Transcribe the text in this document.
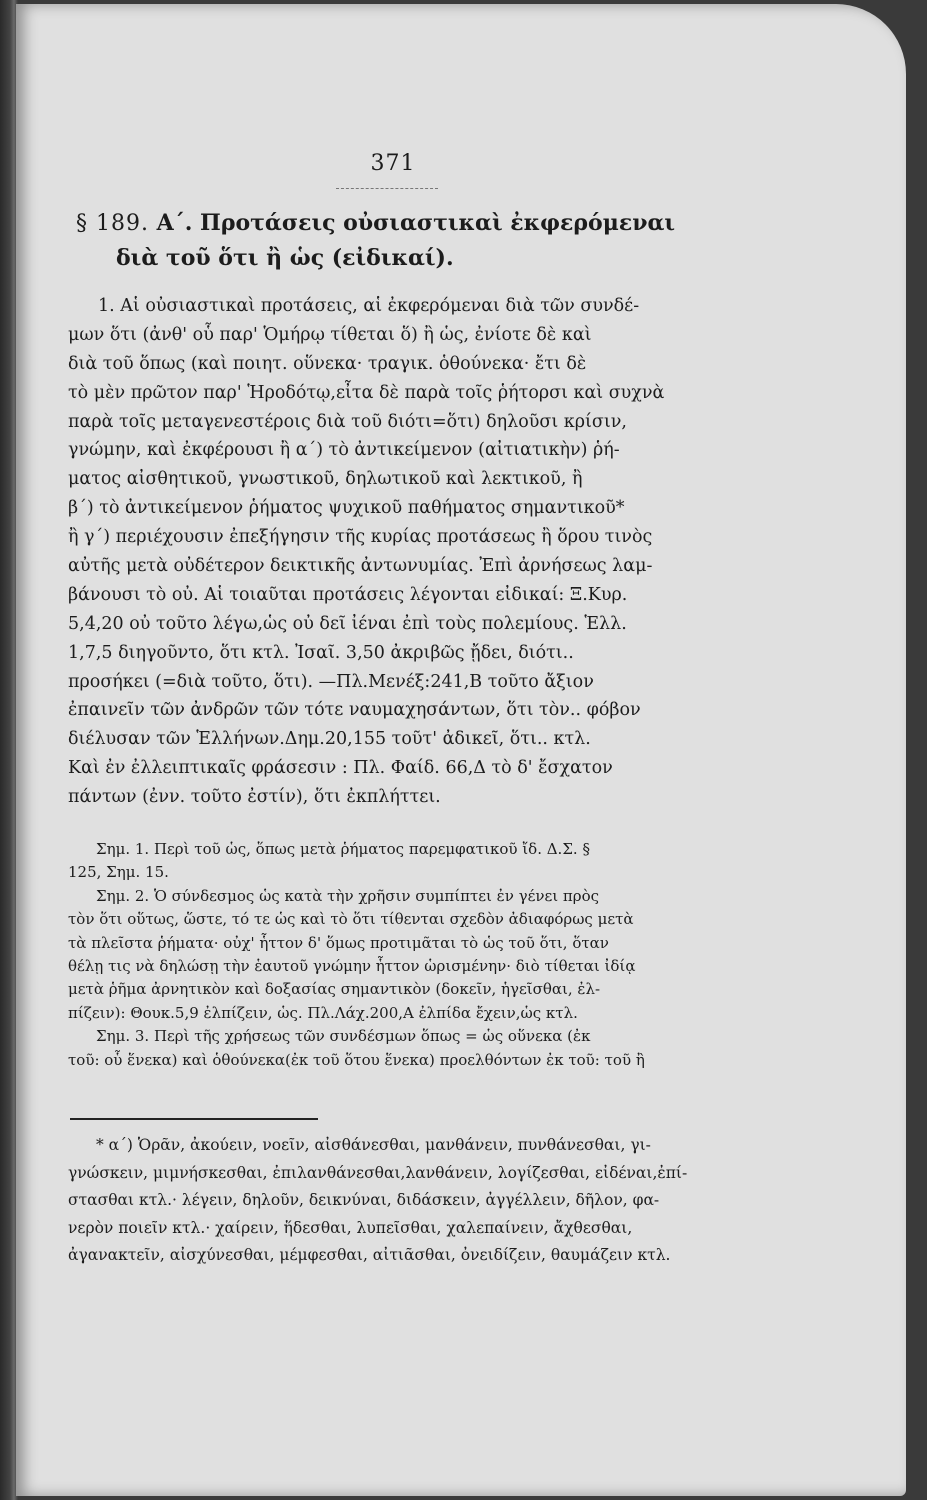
371
§ 189. Α΄. Προτάσεις οὐσιαστικαὶ ἐκφερόμεναι
διὰ τοῦ ὅτι ἢ ὡς (εἰδικαί).
1. Αἱ οὐσιαστικαὶ προτάσεις, αἱ ἐκφερόμεναι διὰ τῶν συνδέ-
μων ὅτι (ἀνθ' οὗ παρ' Ὁμήρῳ τίθεται ὅ) ἢ ὡς, ἐνίοτε δὲ καὶ
διὰ τοῦ ὅπως (καὶ ποιητ. οὕνεκα· τραγικ. ὁθούνεκα· ἔτι δὲ
τὸ μὲν πρῶτον παρ' Ἡροδότῳ,εἶτα δὲ παρὰ τοῖς ῥήτορσι καὶ συχνὰ
παρὰ τοῖς μεταγενεστέροις διὰ τοῦ διότι=ὅτι) δηλοῦσι κρίσιν,
γνώμην, καὶ ἐκφέρουσι ἢ α΄) τὸ ἀντικείμενον (αἰτιατικὴν) ῥή-
ματος αἰσθητικοῦ, γνωστικοῦ, δηλωτικοῦ καὶ λεκτικοῦ, ἢ
β΄) τὸ ἀντικείμενον ῥήματος ψυχικοῦ παθήματος σημαντικοῦ*
ἢ γ΄) περιέχουσιν ἐπεξήγησιν τῆς κυρίας προτάσεως ἢ ὅρου τινὸς
αὐτῆς μετὰ οὐδέτερον δεικτικῆς ἀντωνυμίας. Ἐπὶ ἀρνήσεως λαμ-
βάνουσι τὸ οὐ. Αἱ τοιαῦται προτάσεις λέγονται εἰδικαί: Ξ.Κυρ.
5,4,20 οὐ τοῦτο λέγω,ὡς οὐ δεῖ ἰέναι ἐπὶ τοὺς πολεμίους. Ἑλλ.
1,7,5 διηγοῦντο, ὅτι κτλ. Ἰσαῖ. 3,50 ἀκριβῶς ᾔδει, διότι..
προσήκει (=διὰ τοῦτο, ὅτι). —Πλ.Μενέξ:241,Β τοῦτο ἄξιον
ἐπαινεῖν τῶν ἀνδρῶν τῶν τότε ναυμαχησάντων, ὅτι τὸν.. φόβον
διέλυσαν τῶν Ἑλλήνων.Δημ.20,155 τοῦτ' ἀδικεῖ, ὅτι.. κτλ.
Καὶ ἐν ἐλλειπτικαῖς φράσεσιν : Πλ. Φαίδ. 66,Δ τὸ δ' ἔσχατον
πάντων (ἐνν. τοῦτο ἐστίν), ὅτι ἐκπλήττει.
Σημ. 1. Περὶ τοῦ ὡς, ὅπως μετὰ ῥήματος παρεμφατικοῦ ἴδ. Δ.Σ. §
125, Σημ. 15.
Σημ. 2. Ὁ σύνδεσμος ὡς κατὰ τὴν χρῆσιν συμπίπτει ἐν γένει πρὸς
τὸν ὅτι οὕτως, ὥστε, τό τε ὡς καὶ τὸ ὅτι τίθενται σχεδὸν ἀδιαφόρως μετὰ
τὰ πλεῖστα ῥήματα· οὐχ' ἧττον δ' ὅμως προτιμᾶται τὸ ὡς τοῦ ὅτι, ὅταν
θέλῃ τις νὰ δηλώσῃ τὴν ἑαυτοῦ γνώμην ἧττον ὡρισμένην· διὸ τίθεται ἰδίᾳ
μετὰ ῥῆμα ἀρνητικὸν καὶ δοξασίας σημαντικὸν (δοκεῖν, ἡγεῖσθαι, ἐλ-
πίζειν): Θουκ.5,9 ἐλπίζειν, ὡς. Πλ.Λάχ.200,Α ἐλπίδα ἔχειν,ὡς κτλ.
Σημ. 3. Περὶ τῆς χρήσεως τῶν συνδέσμων ὅπως = ὡς οὕνεκα (ἐκ
τοῦ: οὗ ἕνεκα) καὶ ὁθούνεκα(ἐκ τοῦ ὅτου ἕνεκα) προελθόντων ἐκ τοῦ: τοῦ ἢ
* α΄) Ὁρᾶν, ἀκούειν, νοεῖν, αἰσθάνεσθαι, μανθάνειν, πυνθάνεσθαι, γι-
γνώσκειν, μιμνήσκεσθαι, ἐπιλανθάνεσθαι,λανθάνειν, λογίζεσθαι, εἰδέναι,ἐπί-
στασθαι κτλ.· λέγειν, δηλοῦν, δεικνύναι, διδάσκειν, ἀγγέλλειν, δῆλον, φα-
νερὸν ποιεῖν κτλ.· χαίρειν, ἥδεσθαι, λυπεῖσθαι, χαλεπαίνειν, ἄχθεσθαι,
ἀγανακτεῖν, αἰσχύνεσθαι, μέμφεσθαι, αἰτιᾶσθαι, ὀνειδίζειν, θαυμάζειν κτλ.
